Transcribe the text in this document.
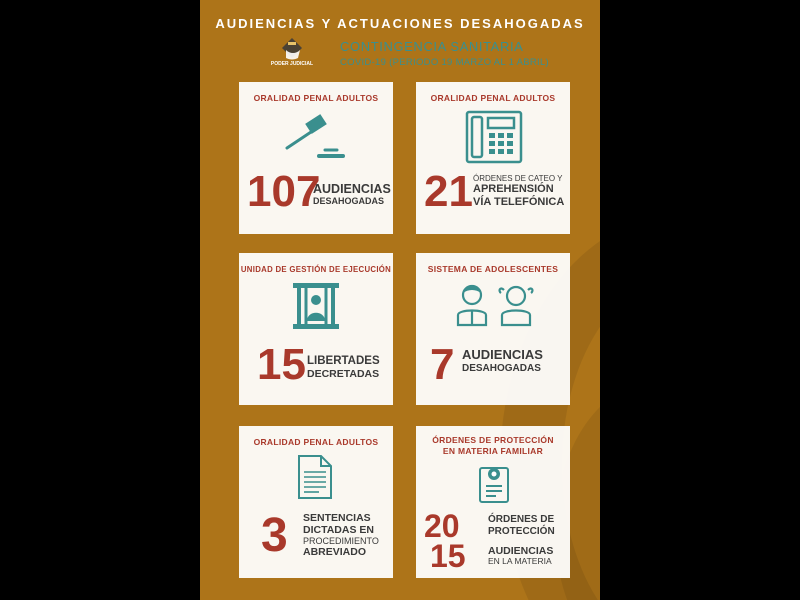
AUDIENCIAS Y ACTUACIONES DESAHOGADAS
PODER JUDICIAL
CONTINGENCIA SANITARIA
COVID-19 (PERIODO 19 MARZO AL 1 ABRIL)
ORALIDAD PENAL ADULTOS
107
AUDIENCIAS
DESAHOGADAS
ORALIDAD PENAL ADULTOS
21 ÓRDENES DE CATEO Y
APREHENSIÓN
VÍA TELEFÓNICA
UNIDAD DE GESTIÓN DE EJECUCIÓN
15 LIBERTADES
DECRETADAS
SISTEMA DE ADOLESCENTES
7 AUDIENCIAS
DESAHOGADAS
ORALIDAD PENAL ADULTOS
3 SENTENCIAS
DICTADAS EN
PROCEDIMIENTO
ABREVIADO
ÓRDENES DE PROTECCIÓN
EN MATERIA FAMILIAR
20
15
ÓRDENES DE
PROTECCIÓN
AUDIENCIAS
EN LA MATERIA
